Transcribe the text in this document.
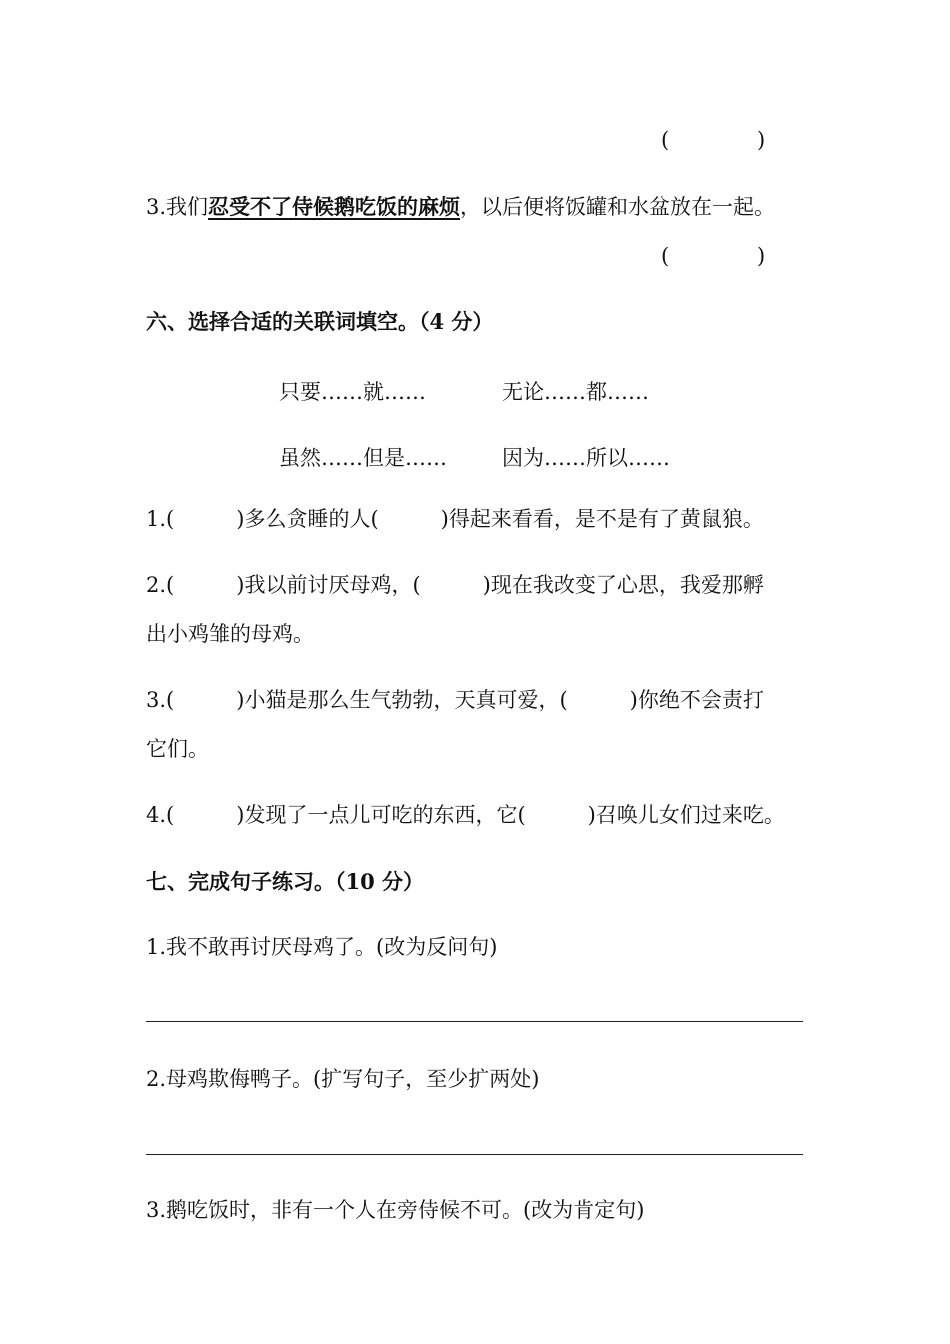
(	)
3.我们忍受不了侍候鹅吃饭的麻烦，以后便将饭罐和水盆放在一起。
(	)
六、选择合适的关联词填空。（4 分）
只要……就……	无论……都……
虽然……但是……	因为……所以……
1.(	)多么贪睡的人(	)得起来看看，是不是有了黄鼠狼。
2.(	)我以前讨厌母鸡，(	)现在我改变了心思，我爱那孵
出小鸡雏的母鸡。
3.(	)小猫是那么生气勃勃，天真可爱，(	)你绝不会责打
它们。
4.(	)发现了一点儿可吃的东西，它(	)召唤儿女们过来吃。
七、完成句子练习。（10 分）
1.我不敢再讨厌母鸡了。(改为反问句)
2.母鸡欺侮鸭子。(扩写句子，至少扩两处)
3.鹅吃饭时，非有一个人在旁侍候不可。(改为肯定句)
